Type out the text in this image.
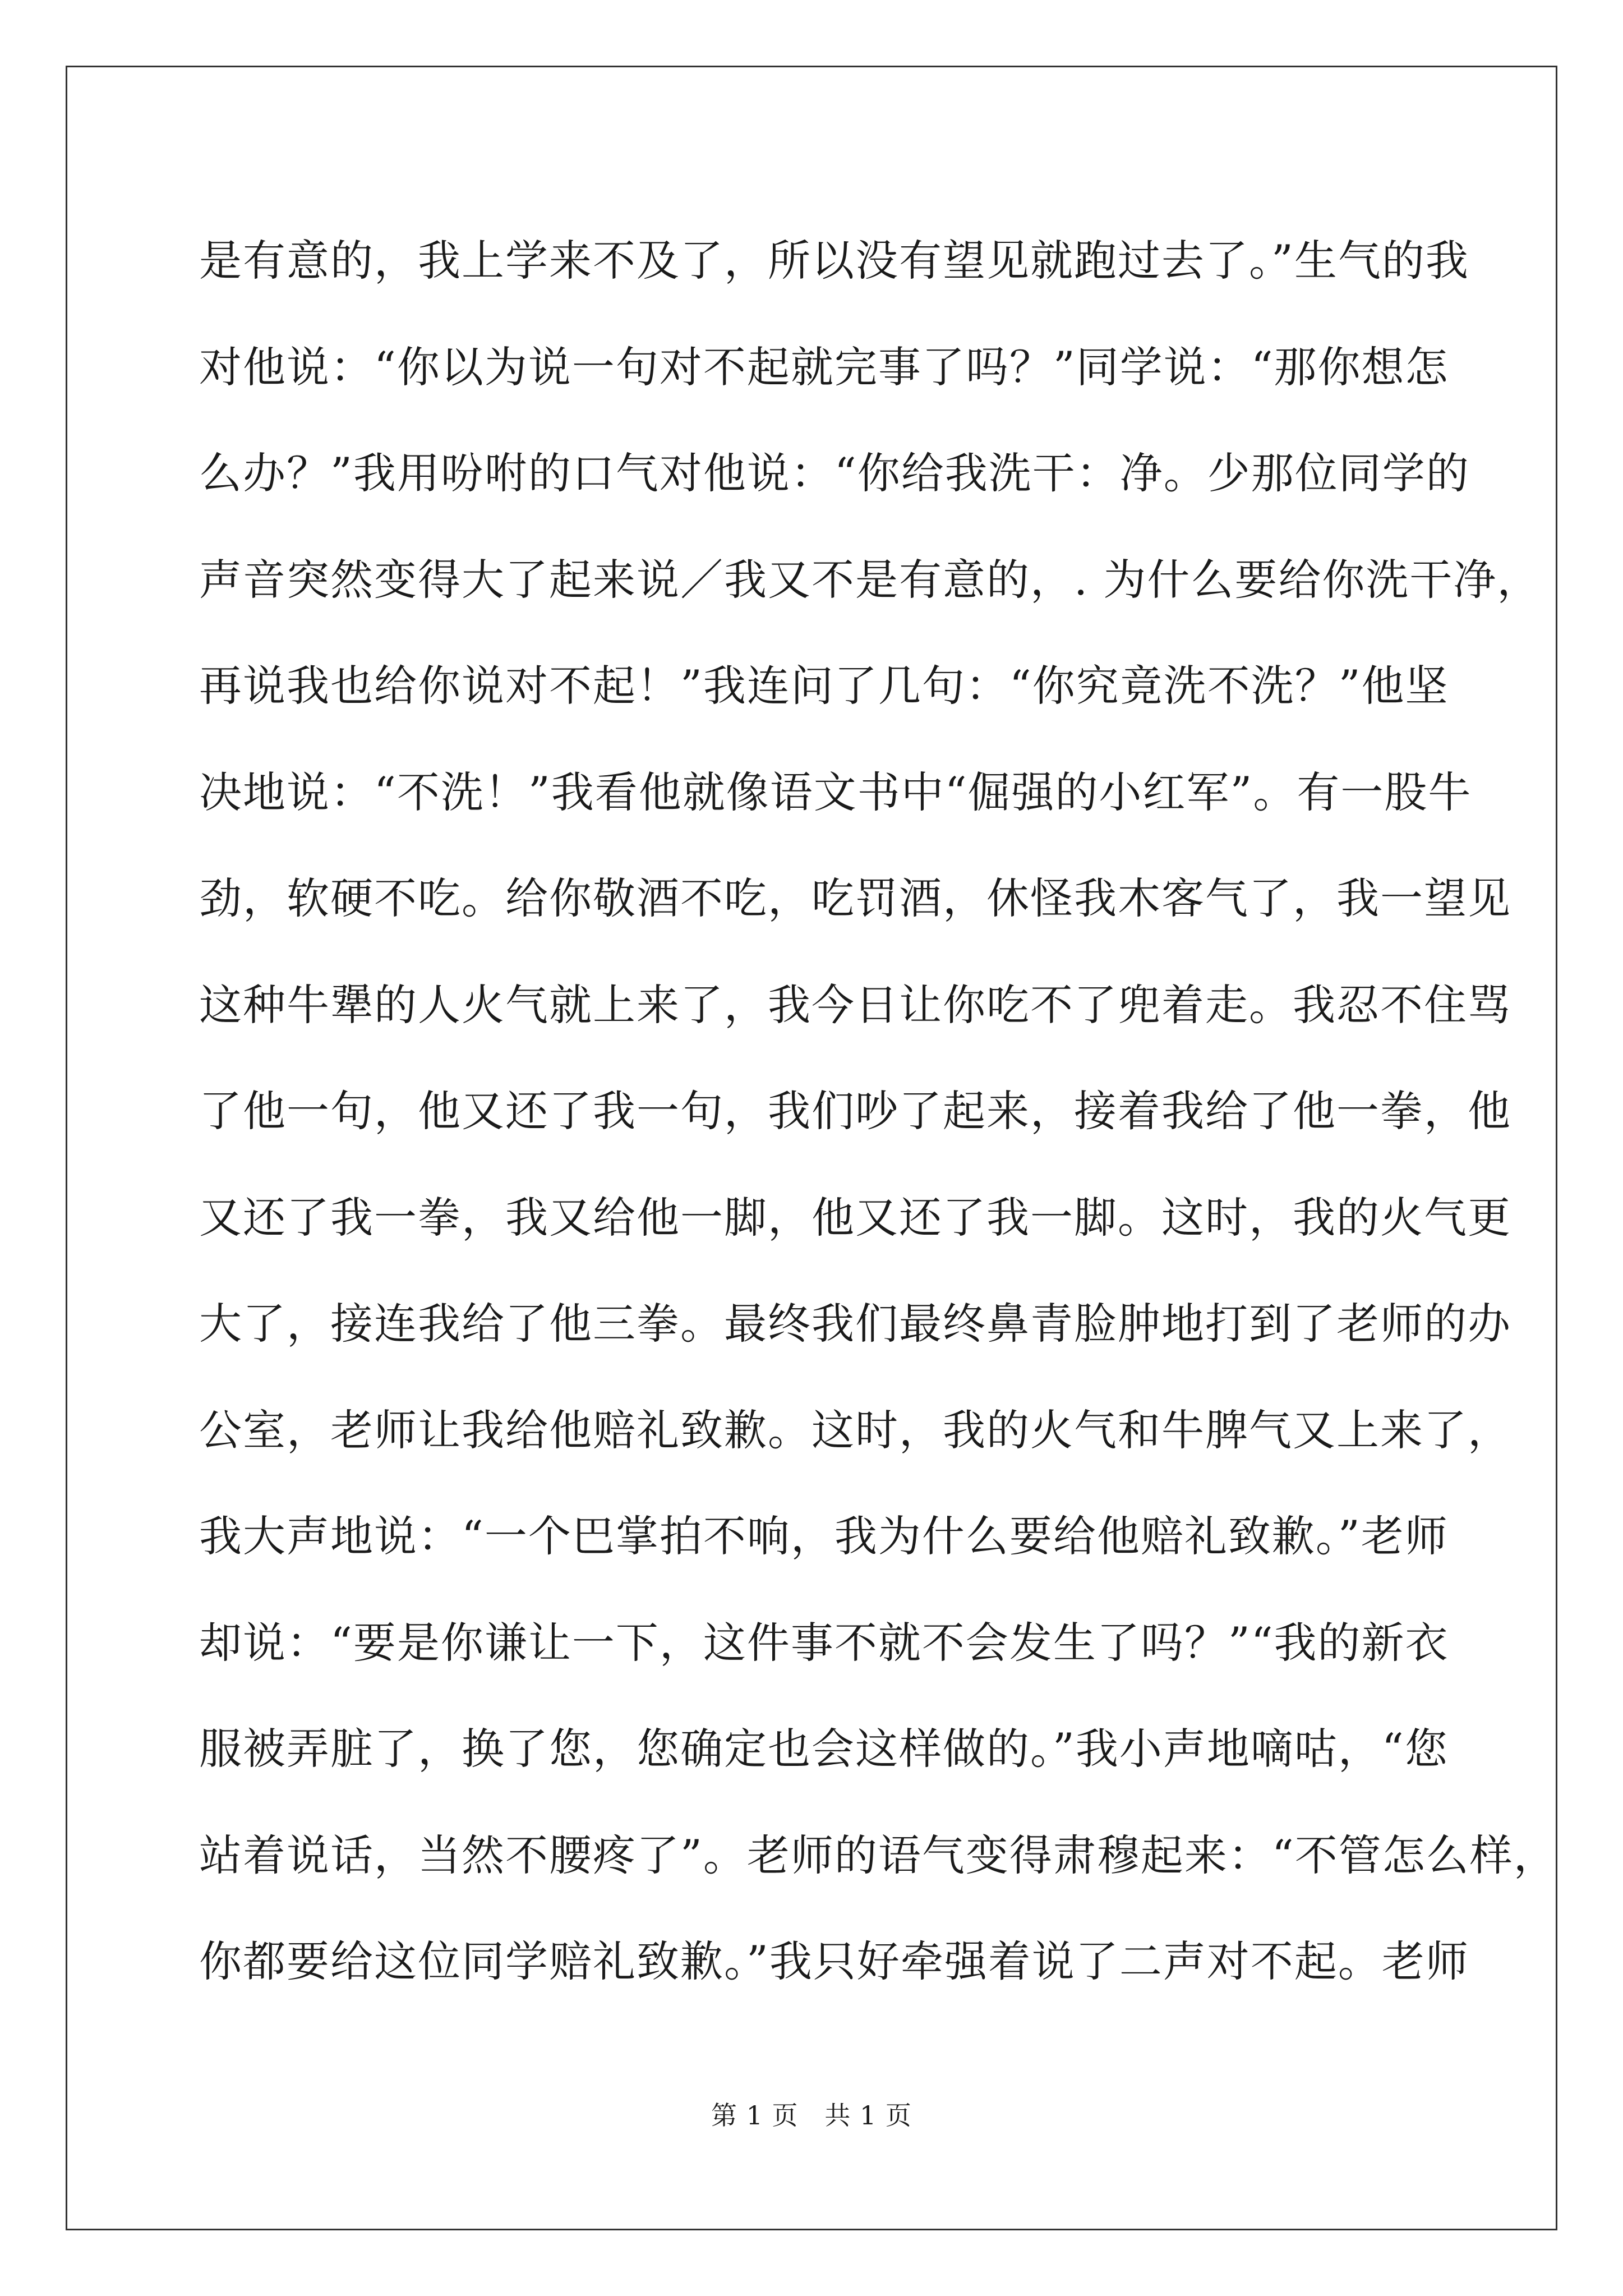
是有意的，我上学来不及了，所以没有望见就跑过去了。”生气的我
对他说：“你以为说一句对不起就完事了吗？”同学说：“那你想怎
么办？”我用吩咐的口气对他说：“你给我洗干：净。少那位同学的
声音突然变得大了起来说／我又不是有意的，. 为什么要给你洗干净，
再说我也给你说对不起！”我连问了几句：“你究竟洗不洗？”他坚
决地说：“不洗！”我看他就像语文书中“倔强的小红军”。有一股牛
劲，软硬不吃。给你敬酒不吃，吃罚酒，休怪我木客气了，我一望见
这种牛犟的人火气就上来了，我今日让你吃不了兜着走。我忍不住骂
了他一句，他又还了我一句，我们吵了起来，接着我给了他一拳，他
又还了我一拳，我又给他一脚，他又还了我一脚。这时，我的火气更
大了，接连我给了他三拳。最终我们最终鼻青脸肿地打到了老师的办
公室，老师让我给他赔礼致歉。这时，我的火气和牛脾气又上来了，
我大声地说：“一个巴掌拍不响，我为什么要给他赔礼致歉。”老师
却说：“要是你谦让一下，这件事不就不会发生了吗？”“我的新衣
服被弄脏了，换了您，您确定也会这样做的。”我小声地嘀咕，“您
站着说话，当然不腰疼了”。老师的语气变得肃穆起来：“不管怎么样，
你都要给这位同学赔礼致歉。”我只好牵强着说了二声对不起。老师
第 1 页   共 1 页
